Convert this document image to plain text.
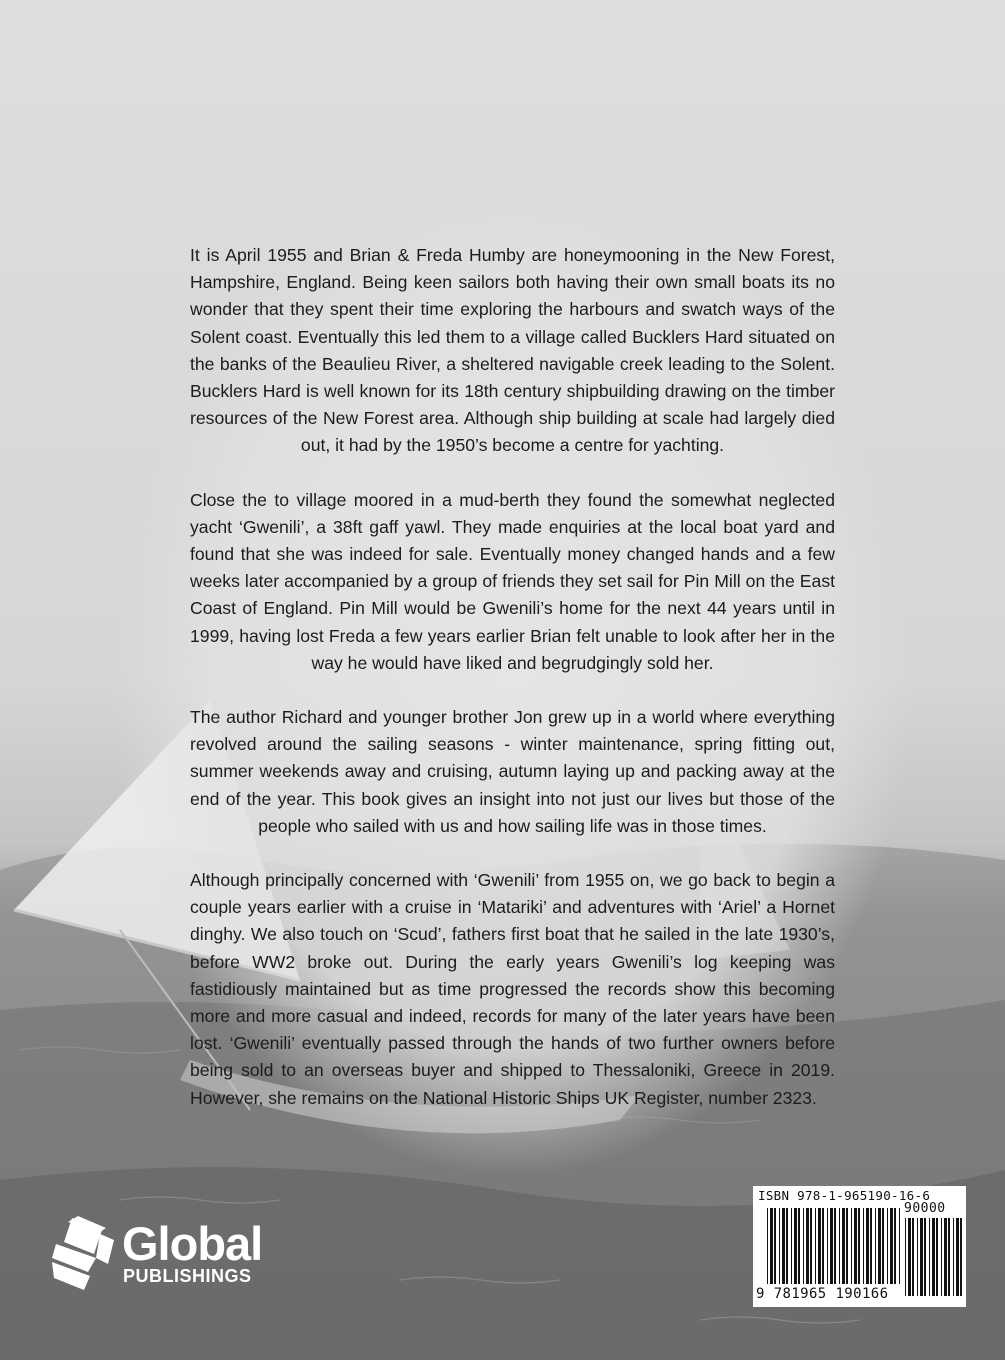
It is April 1955 and Brian & Freda Humby are honeymooning in the New Forest, Hampshire, England. Being keen sailors both having their own small boats its no wonder that they spent their time exploring the harbours and swatch ways of the Solent coast. Eventually this led them to a village called Bucklers Hard situated on the banks of the Beaulieu River, a sheltered navigable creek leading to the Solent. Bucklers Hard is well known for its 18th century shipbuilding drawing on the timber resources of the New Forest area. Although ship building at scale had largely died out, it had by the 1950’s become a centre for yachting.

Close the to village moored in a mud-berth they found the somewhat neglected yacht ‘Gwenili’, a 38ft gaff yawl. They made enquiries at the local boat yard and found that she was indeed for sale. Eventually money changed hands and a few weeks later accompanied by a group of friends they set sail for Pin Mill on the East Coast of England. Pin Mill would be Gwenili’s home for the next 44 years until in 1999, having lost Freda a few years earlier Brian felt unable to look after her in the way he would have liked and begrudgingly sold her.

The author Richard and younger brother Jon grew up in a world where everything revolved around the sailing seasons - winter maintenance, spring fitting out, summer weekends away and cruising, autumn laying up and packing away at the end of the year. This book gives an insight into not just our lives but those of the people who sailed with us and how sailing life was in those times.

Although principally concerned with ‘Gwenili’ from 1955 on, we go back to begin a couple years earlier with a cruise in ‘Matariki’ and adventures with ‘Ariel’ a Hornet dinghy. We also touch on ‘Scud’, fathers first boat that he sailed in the late 1930’s, before WW2 broke out. During the early years Gwenili’s log keeping was fastidiously maintained but as time progressed the records show this becoming more and more casual and indeed, records for many of the later years have been lost. ‘Gwenili’ eventually passed through the hands of two further owners before being sold to an overseas buyer and shipped to Thessaloniki, Greece in 2019. However, she remains on the National Historic Ships UK Register, number 2323.

Global
PUBLISHINGS
ISBN 978-1-965190-16-6
90000
9 781965 190166
